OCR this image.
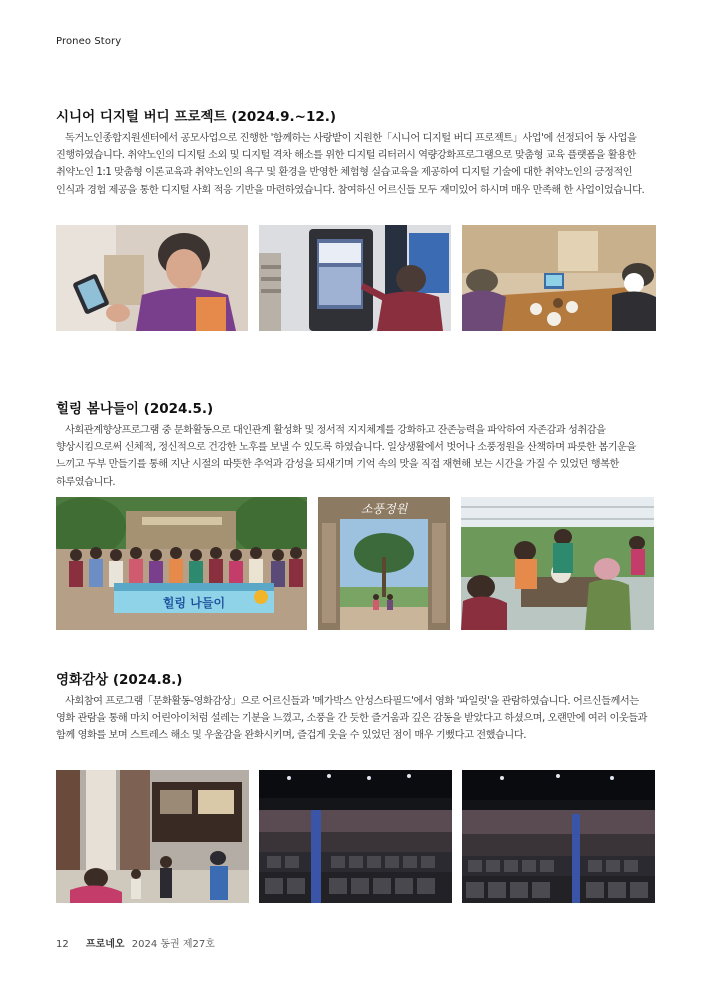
Proneo Story
시니어 디지털 버디 프로젝트 (2024.9.~12.)

독거노인종합지원센터에서 공모사업으로 진행한 '함께하는 사랑밭이 지원한「시니어 디지털 버디 프로젝트」사업'에 선정되어 동 사업을 진행하였습니다. 취약노인의 디지털 소외 및 디지털 격차 해소를 위한 디지털 리터러시 역량강화프로그램으로 맞춤형 교육 플랫폼을 활용한 취약노인 1:1 맞춤형 이론교육과 취약노인의 욕구 및 환경을 반영한 체험형 실습교육을 제공하여 디지털 기술에 대한 취약노인의 긍정적인 인식과 경험 제공을 통한 디지털 사회 적응 기반을 마련하였습니다. 참여하신 어르신들 모두 재미있어 하시며 매우 만족해 한 사업이었습니다.

힐링 봄나들이 (2024.5.)

사회관계향상프로그램 중 문화활동으로 대인관계 활성화 및 정서적 지지체계를 강화하고 잔존능력을 파악하여 자존감과 성취감을 향상시킴으로써 신체적, 정신적으로 건강한 노후를 보낼 수 있도록 하였습니다. 일상생활에서 벗어나 소풍정원을 산책하며 파릇한 봄기운을 느끼고 두부 만들기를 통해 지난 시절의 따뜻한 추억과 감성을 되새기며 기억 속의 맛을 직접 재현해 보는 시간을 가질 수 있었던 행복한 하루였습니다.

힐링 나들이
소풍정원
영화감상 (2024.8.)

사회참여 프로그램「문화활동-영화감상」으로 어르신들과 '메가박스 안성스타필드'에서 영화 '파일럿'을 관람하였습니다. 어르신들께서는 영화 관람을 통해 마치 어린아이처럼 설레는 기분을 느꼈고, 소풍을 간 듯한 즐거움과 깊은 감동을 받았다고 하셨으며, 오랜만에 여러 이웃들과 함께 영화를 보며 스트레스 해소 및 우울감을 완화시키며, 즐겁게 웃을 수 있었던 점이 매우 기뻤다고 전했습니다.

12 프로네오 2024 동권 제27호
